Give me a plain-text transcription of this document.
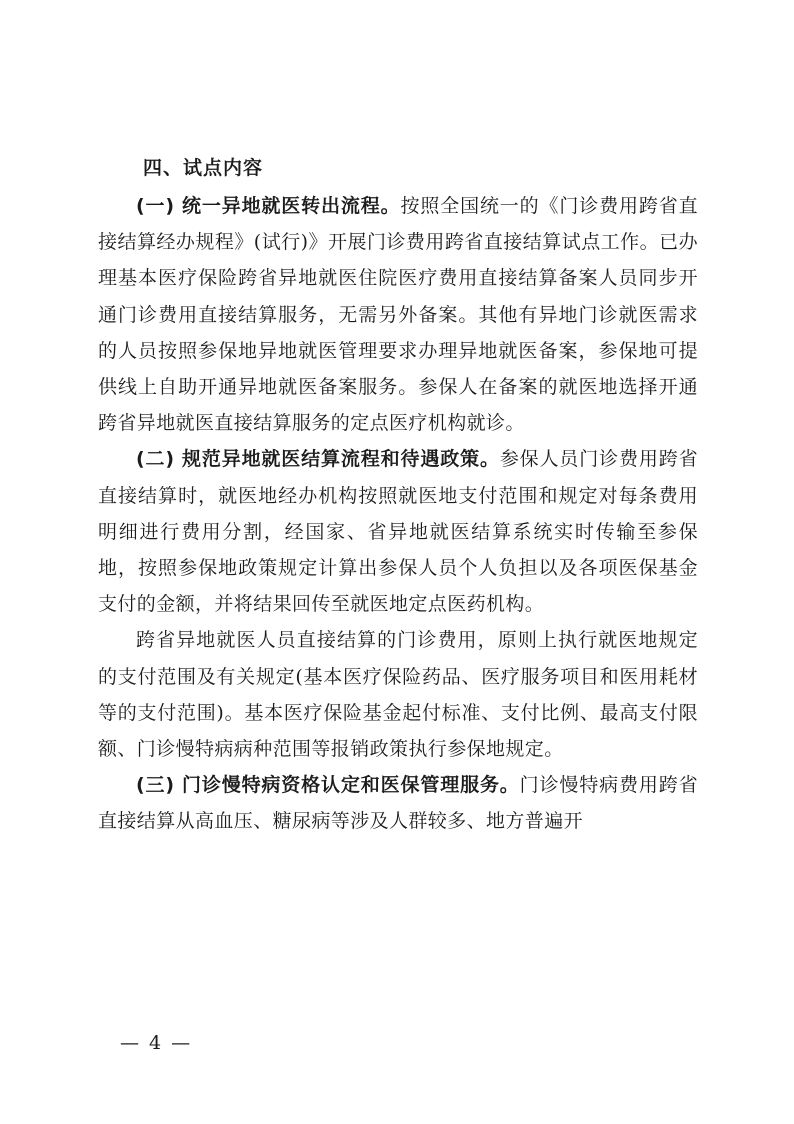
四、试点内容

(一) 统一异地就医转出流程。按照全国统一的《门诊费用跨省直接结算经办规程》(试行)》开展门诊费用跨省直接结算试点工作。已办理基本医疗保险跨省异地就医住院医疗费用直接结算备案人员同步开通门诊费用直接结算服务，无需另外备案。其他有异地门诊就医需求的人员按照参保地异地就医管理要求办理异地就医备案，参保地可提供线上自助开通异地就医备案服务。参保人在备案的就医地选择开通跨省异地就医直接结算服务的定点医疗机构就诊。

(二) 规范异地就医结算流程和待遇政策。参保人员门诊费用跨省直接结算时，就医地经办机构按照就医地支付范围和规定对每条费用明细进行费用分割，经国家、省异地就医结算系统实时传输至参保地，按照参保地政策规定计算出参保人员个人负担以及各项医保基金支付的金额，并将结果回传至就医地定点医药机构。

跨省异地就医人员直接结算的门诊费用，原则上执行就医地规定的支付范围及有关规定(基本医疗保险药品、医疗服务项目和医用耗材等的支付范围)。基本医疗保险基金起付标准、支付比例、最高支付限额、门诊慢特病病种范围等报销政策执行参保地规定。

(三) 门诊慢特病资格认定和医保管理服务。门诊慢特病费用跨省直接结算从高血压、糖尿病等涉及人群较多、地方普遍开

— 4 —
